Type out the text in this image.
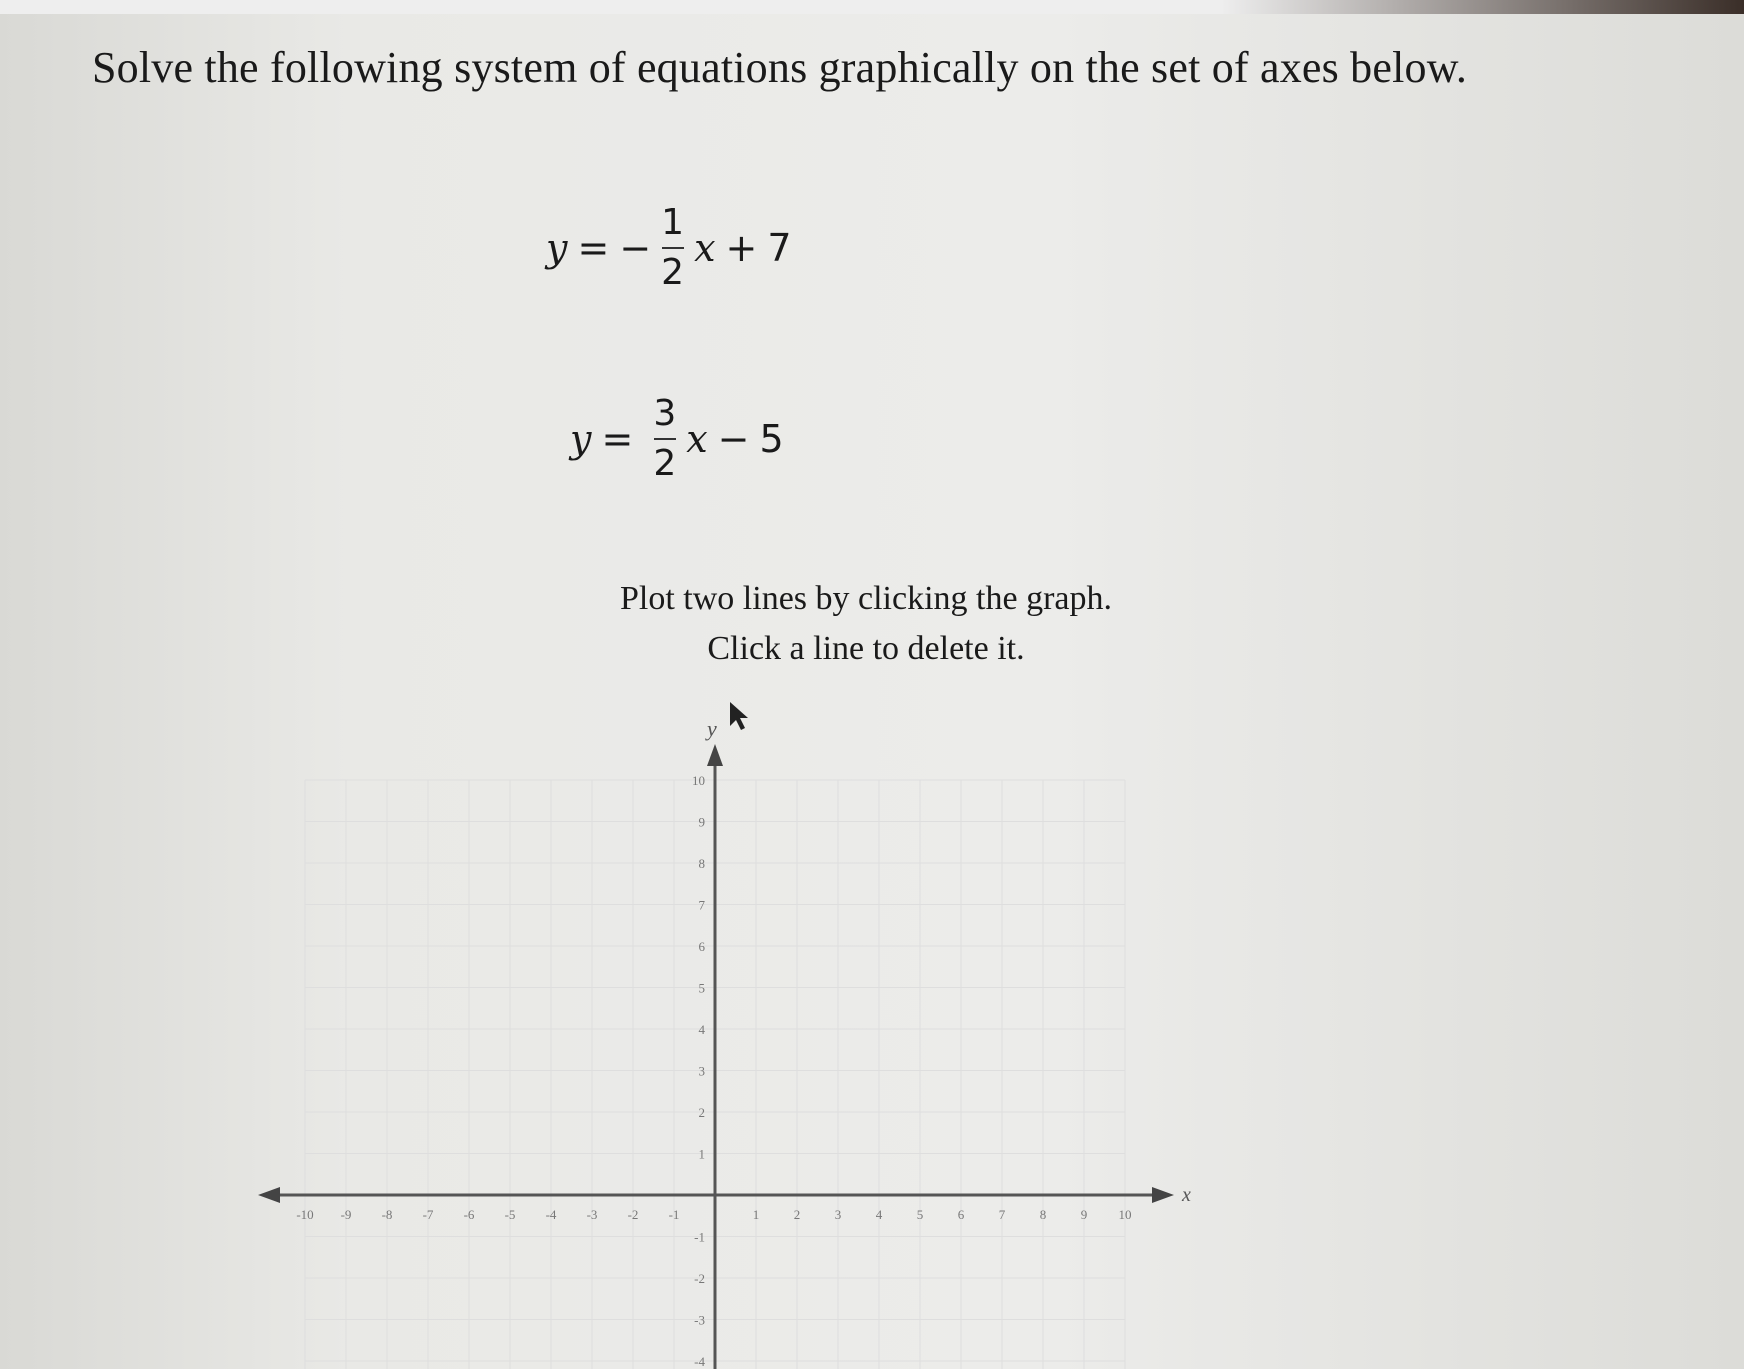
Solve the following system of equations graphically on the set of axes below.
y = − $\frac{1}{2}$ x + 7
$y = \frac{3}{2}$ x − 5
Plot two lines by clicking the graph.
Click a line to delete it.
x
y
-10 -9 -8 -7 -6 -5 -4 -3 -2 -1	1	2	3	4	5	6	7	8	9 10
-4
-3
-2
-1
1
2
3
4
5
6
7
8
9
10
